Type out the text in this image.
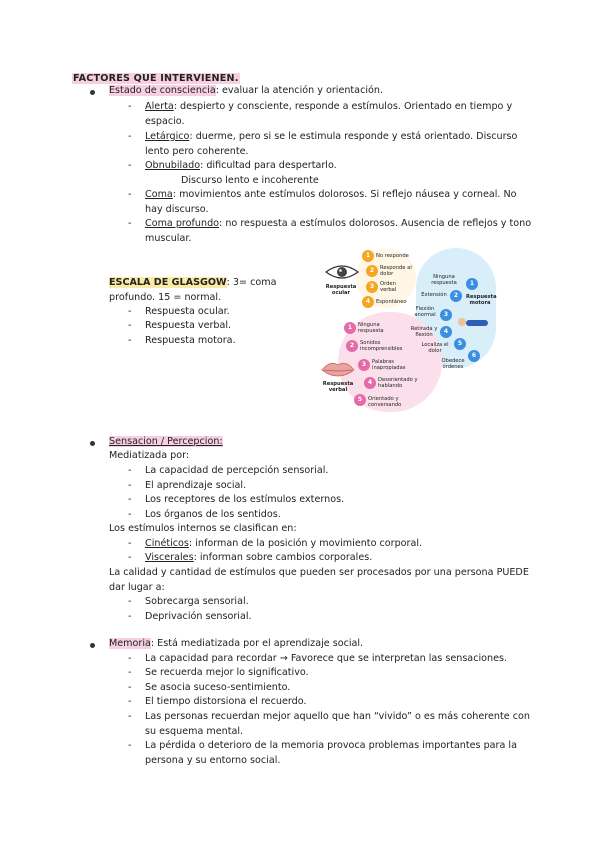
FACTORES QUE INTERVIENEN.
Estado de consciencia: evaluar la atención y orientación.
- Alerta: despierto y consciente, responde a estímulos. Orientado en tiempo y
espacio.
- Letárgico: duerme, pero si se le estimula responde y está orientado. Discurso
lento pero coherente.
- Obnubilado: dificultad para despertarlo.
Discurso lento e incoherente
- Coma: movimientos ante estímulos dolorosos. Si reflejo náusea y corneal. No
hay discurso.
- Coma profundo: no respuesta a estímulos dolorosos. Ausencia de reflejos y tono
muscular.
ESCALA DE GLASGOW: 3= coma
profundo. 15 = normal.
- Respuesta ocular.
- Respuesta verbal.
- Respuesta motora.
Respuesta ocular
1	No responde
2	Responde al dolor
3	Orden verbal
4	Espontáneo
Ninguna respuesta	1
Extensión	2	Respuesta motora
Flexión anormal	3
Retirada y flexión	4
Localiza el dolor
5
Obedece órdenes
6
Respuesta verbal
1	Ninguna respuesta
2	Sonidos incomprensibles
3	Palabras inapropiadas
4	Desorientado y hablando
5	Orientado y conversando
Sensacion / Percepcion:
Mediatizada por:
- La capacidad de percepción sensorial.
- El aprendizaje social.
- Los receptores de los estímulos externos.
- Los órganos de los sentidos.
Los estímulos internos se clasifican en:
- Cinéticos: informan de la posición y movimiento corporal.
- Viscerales: informan sobre cambios corporales.
La calidad y cantidad de estímulos que pueden ser procesados por una persona PUEDE
dar lugar a:
- Sobrecarga sensorial.
- Deprivación sensorial.
Memoria: Está mediatizada por el aprendizaje social.
- La capacidad para recordar → Favorece que se interpretan las sensaciones.
- Se recuerda mejor lo significativo.
- Se asocia suceso-sentimiento.
- El tiempo distorsiona el recuerdo.
- Las personas recuerdan mejor aquello que han “vivido” o es más coherente con
su esquema mental.
- La pérdida o deterioro de la memoria provoca problemas importantes para la
persona y su entorno social.
